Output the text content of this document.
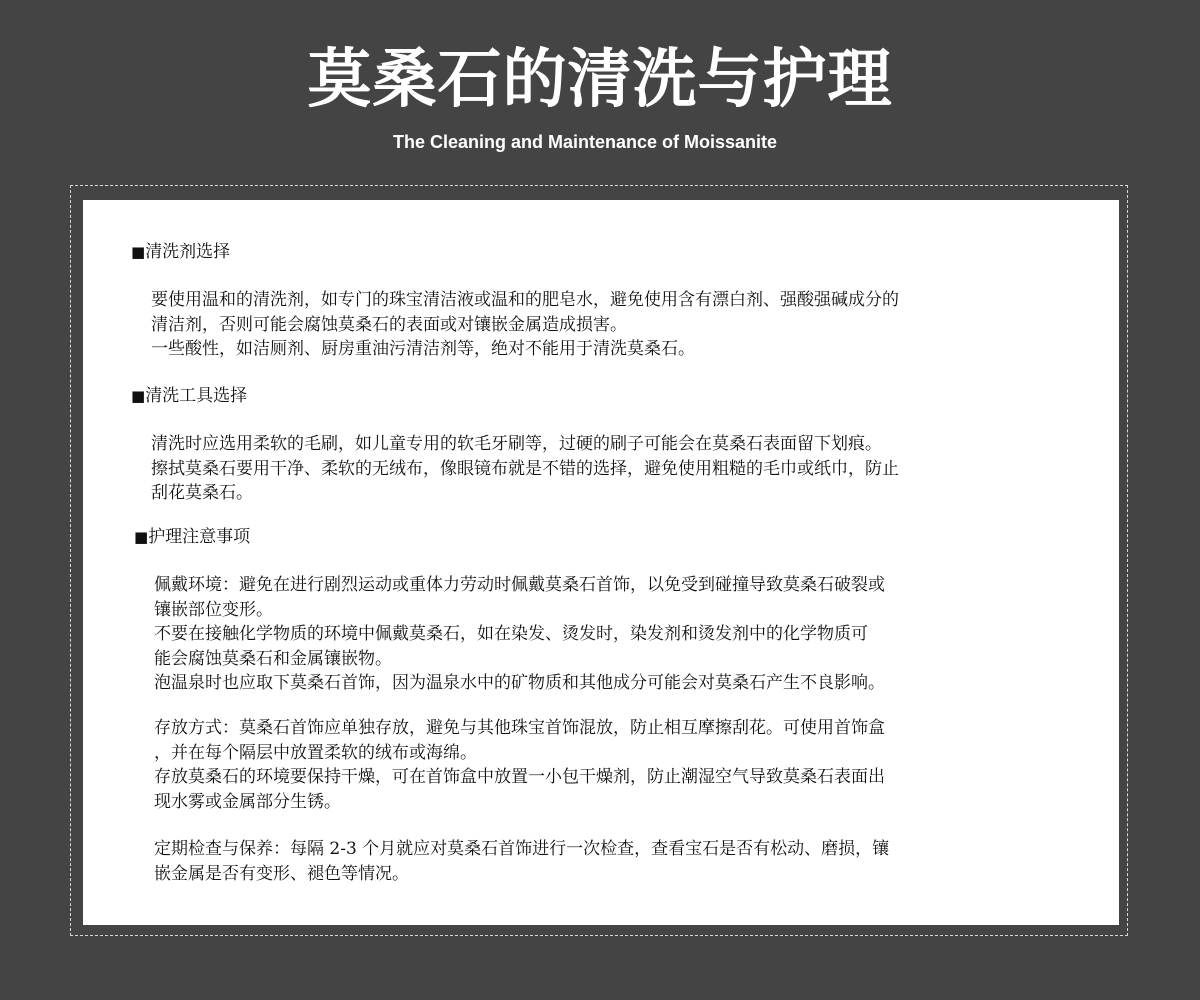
莫桑石的清洗与护理
The Cleaning and Maintenance of Moissanite
■清洗剂选择
要使用温和的清洗剂，如专门的珠宝清洁液或温和的肥皂水，避免使用含有漂白剂、强酸强碱成分的
清洁剂，否则可能会腐蚀莫桑石的表面或对镶嵌金属造成损害。
一些酸性，如洁厕剂、厨房重油污清洁剂等，绝对不能用于清洗莫桑石。
■清洗工具选择
清洗时应选用柔软的毛刷，如儿童专用的软毛牙刷等，过硬的刷子可能会在莫桑石表面留下划痕。
擦拭莫桑石要用干净、柔软的无绒布，像眼镜布就是不错的选择，避免使用粗糙的毛巾或纸巾，防止
刮花莫桑石。
■护理注意事项
佩戴环境：避免在进行剧烈运动或重体力劳动时佩戴莫桑石首饰，以免受到碰撞导致莫桑石破裂或
镶嵌部位变形。
不要在接触化学物质的环境中佩戴莫桑石，如在染发、烫发时，染发剂和烫发剂中的化学物质可
能会腐蚀莫桑石和金属镶嵌物。
泡温泉时也应取下莫桑石首饰，因为温泉水中的矿物质和其他成分可能会对莫桑石产生不良影响。
存放方式：莫桑石首饰应单独存放，避免与其他珠宝首饰混放，防止相互摩擦刮花。可使用首饰盒
，并在每个隔层中放置柔软的绒布或海绵。
存放莫桑石的环境要保持干燥，可在首饰盒中放置一小包干燥剂，防止潮湿空气导致莫桑石表面出
现水雾或金属部分生锈。
定期检查与保养：每隔 2-3 个月就应对莫桑石首饰进行一次检查，查看宝石是否有松动、磨损，镶
嵌金属是否有变形、褪色等情况。
